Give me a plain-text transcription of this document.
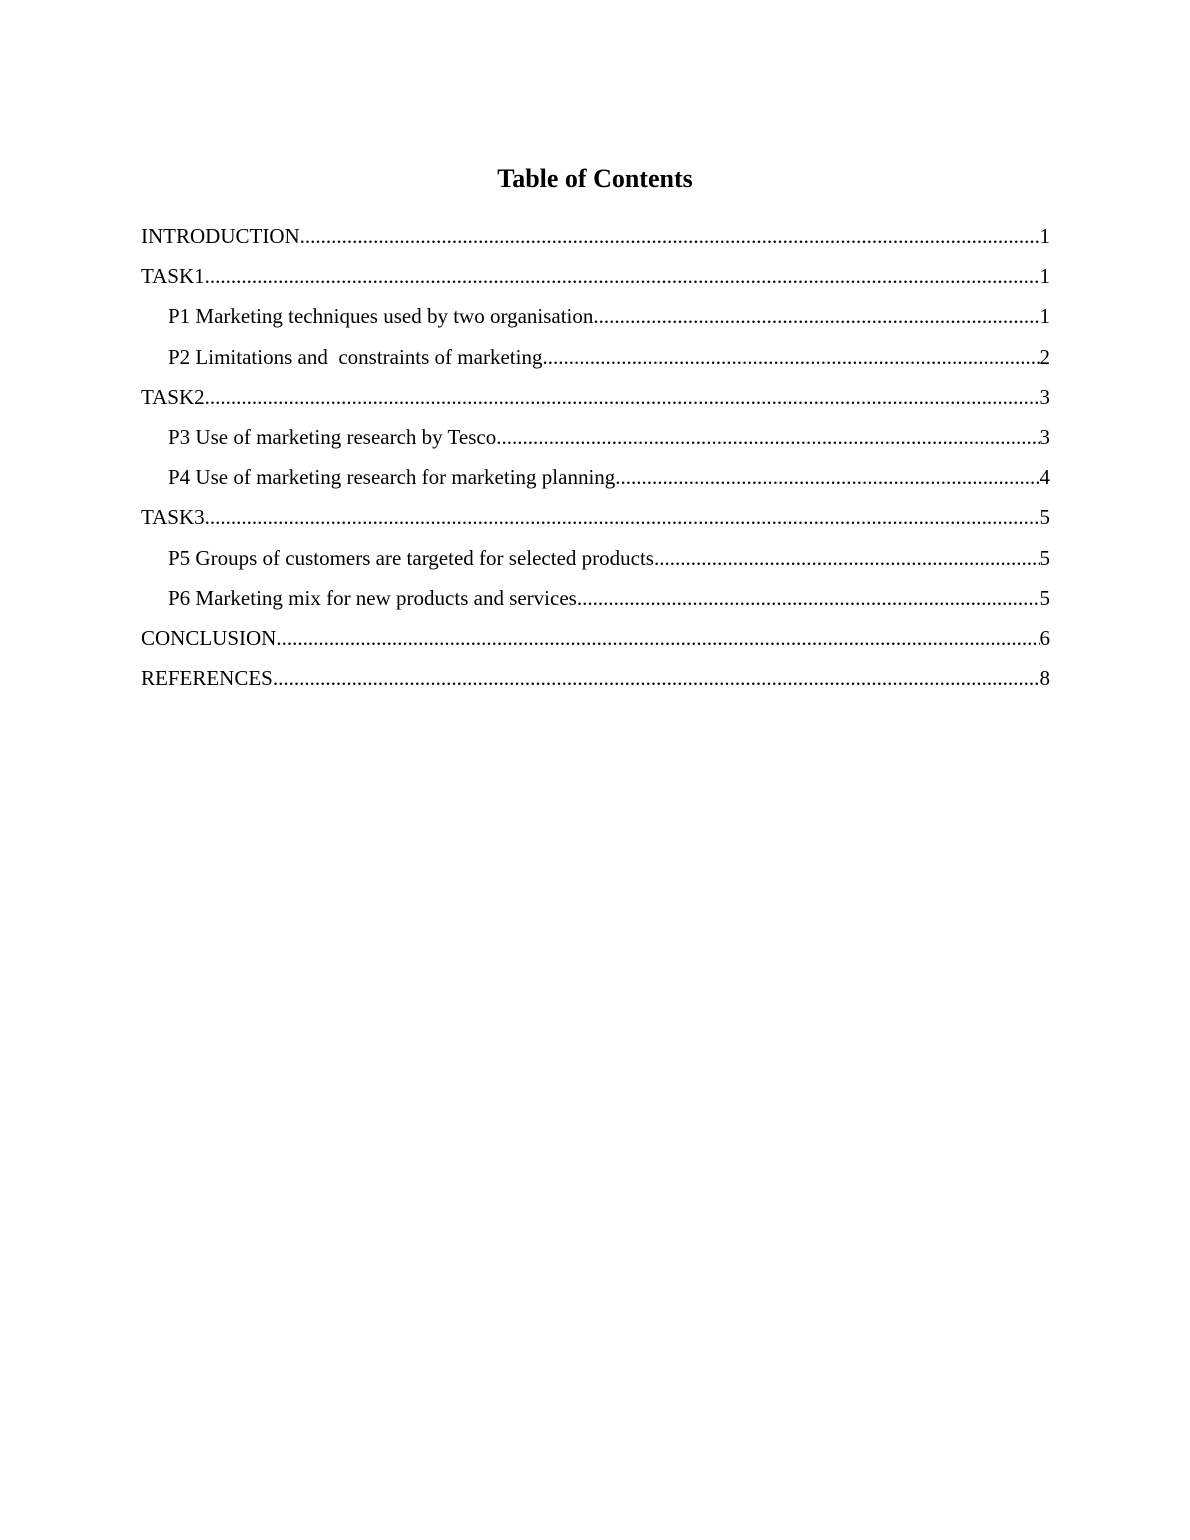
Table of Contents
INTRODUCTION .....	1
TASK1 .....	1
P1 Marketing techniques used by two organisation .....	1
P2 Limitations and  constraints of marketing .....	2
TASK2 .....	3
P3 Use of marketing research by Tesco .....	3
P4 Use of marketing research for marketing planning .....	4
TASK3 .....	5
P5 Groups of customers are targeted for selected products .....	5
P6 Marketing mix for new products and services .....	5
CONCLUSION .....	6
REFERENCES .....	8
